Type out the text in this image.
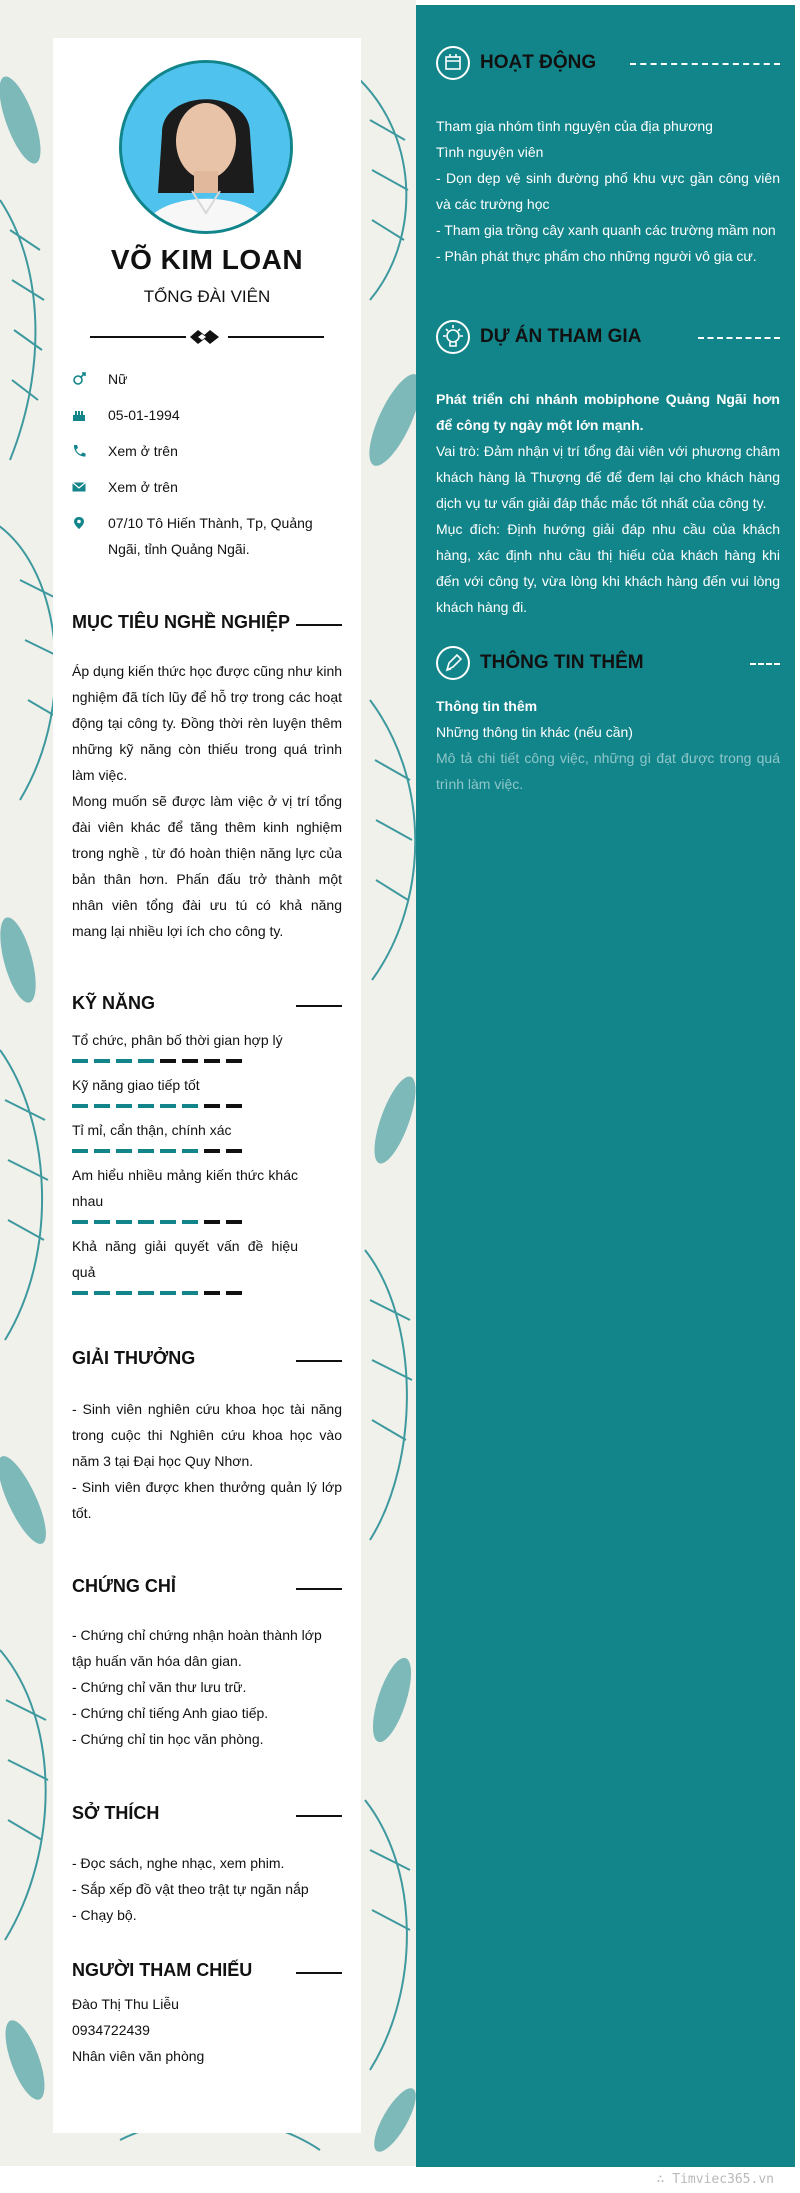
VÕ KIM LOAN
TỔNG ĐÀI VIÊN
Nữ
05-01-1994
Xem ở trên
Xem ở trên
07/10 Tô Hiến Thành, Tp, Quảng Ngãi, tỉnh Quảng Ngãi.
MỤC TIÊU NGHỀ NGHIỆP

Áp dụng kiến thức học được cũng như kinh nghiệm đã tích lũy để hỗ trợ trong các hoạt động tại công ty. Đồng thời rèn luyện thêm những kỹ năng còn thiếu trong quá trình làm việc.

Mong muốn sẽ được làm việc ở vị trí tổng đài viên khác để tăng thêm kinh nghiệm trong nghề , từ đó hoàn thiện năng lực của bản thân hơn. Phấn đấu trở thành một nhân viên tổng đài ưu tú có khả năng mang lại nhiều lợi ích cho công ty.

KỸ NĂNG
Tổ chức, phân bố thời gian hợp lý
Kỹ năng giao tiếp tốt
Tỉ mỉ, cẩn thận, chính xác
Am hiểu nhiều mảng kiến thức khác nhau
Khả năng giải quyết vấn đề hiệu quả
GIẢI THƯỞNG

- Sinh viên nghiên cứu khoa học tài năng trong cuộc thi Nghiên cứu khoa học vào năm 3 tại Đại học Quy Nhơn.

- Sinh viên được khen thưởng quản lý lớp tốt.

CHỨNG CHỈ

- Chứng chỉ chứng nhận hoàn thành lớp tập huấn văn hóa dân gian.

- Chứng chỉ văn thư lưu trữ.

- Chứng chỉ tiếng Anh giao tiếp.

- Chứng chỉ tin học văn phòng.

SỞ THÍCH

- Đọc sách, nghe nhạc, xem phim.

- Sắp xếp đồ vật theo trật tự ngăn nắp

- Chạy bộ.

NGƯỜI THAM CHIẾU

Đào Thị Thu Liễu

0934722439

Nhân viên văn phòng

HOẠT ĐỘNG

Tham gia nhóm tình nguyện của địa phương

Tình nguyện viên

- Dọn dẹp vệ sinh đường phố khu vực gần công viên và các trường học

- Tham gia trồng cây xanh quanh các trường mầm non

- Phân phát thực phẩm cho những người vô gia cư.

DỰ ÁN THAM GIA

Phát triển chi nhánh mobiphone Quảng Ngãi hơn để công ty ngày một lớn mạnh.

Vai trò: Đảm nhận vị trí tổng đài viên với phương châm khách hàng là Thượng đế để đem lại cho khách hàng dịch vụ tư vấn giải đáp thắc mắc tốt nhất của công ty.

Mục đích: Định hướng giải đáp nhu cầu của khách hàng, xác định nhu cầu thị hiếu của khách hàng khi đến với công ty, vừa lòng khi khách hàng đến vui lòng khách hàng đi.

THÔNG TIN THÊM

Thông tin thêm

Những thông tin khác (nếu cần)

Mô tả chi tiết công việc, những gì đạt được trong quá trình làm việc.

∴ Timviec365.vn
